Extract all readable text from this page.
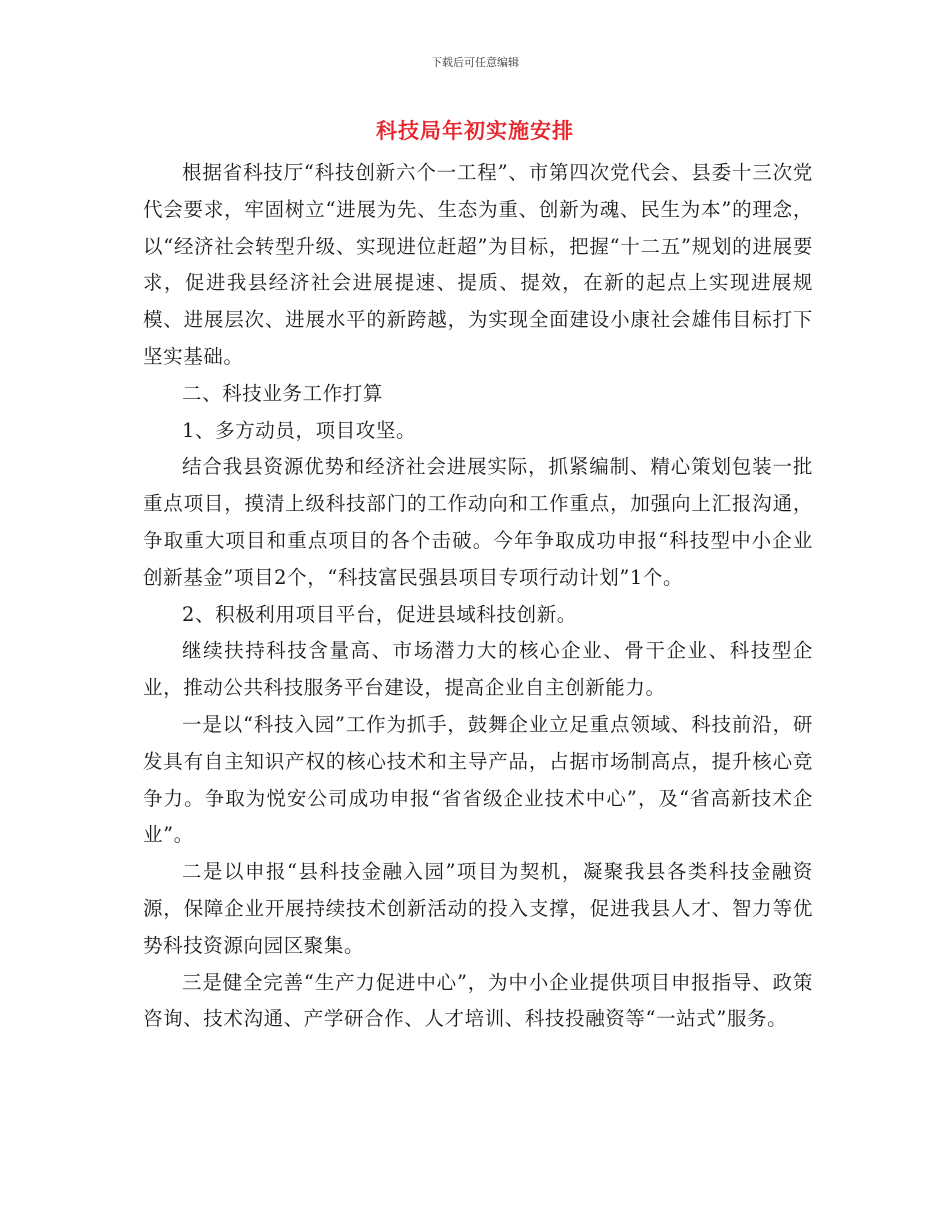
下载后可任意编辑
科技局年初实施安排

根据省科技厅“科技创新六个一工程”、市第四次党代会、县委十三次党代会要求，牢固树立“进展为先、生态为重、创新为魂、民生为本”的理念，以“经济社会转型升级、实现进位赶超”为目标，把握“十二五”规划的进展要求，促进我县经济社会进展提速、提质、提效，在新的起点上实现进展规模、进展层次、进展水平的新跨越，为实现全面建设小康社会雄伟目标打下坚实基础。

二、科技业务工作打算

1、多方动员，项目攻坚。

结合我县资源优势和经济社会进展实际，抓紧编制、精心策划包装一批重点项目，摸清上级科技部门的工作动向和工作重点，加强向上汇报沟通，争取重大项目和重点项目的各个击破。今年争取成功申报“科技型中小企业创新基金”项目2个，“科技富民强县项目专项行动计划”1个。

2、积极利用项目平台，促进县域科技创新。

继续扶持科技含量高、市场潜力大的核心企业、骨干企业、科技型企业，推动公共科技服务平台建设，提高企业自主创新能力。

一是以“科技入园”工作为抓手，鼓舞企业立足重点领域、科技前沿，研发具有自主知识产权的核心技术和主导产品，占据市场制高点，提升核心竞争力。争取为悦安公司成功申报“省省级企业技术中心”，及“省高新技术企业”。

二是以申报“县科技金融入园”项目为契机，凝聚我县各类科技金融资源，保障企业开展持续技术创新活动的投入支撑，促进我县人才、智力等优势科技资源向园区聚集。

三是健全完善“生产力促进中心”，为中小企业提供项目申报指导、政策咨询、技术沟通、产学研合作、人才培训、科技投融资等“一站式”服务。
